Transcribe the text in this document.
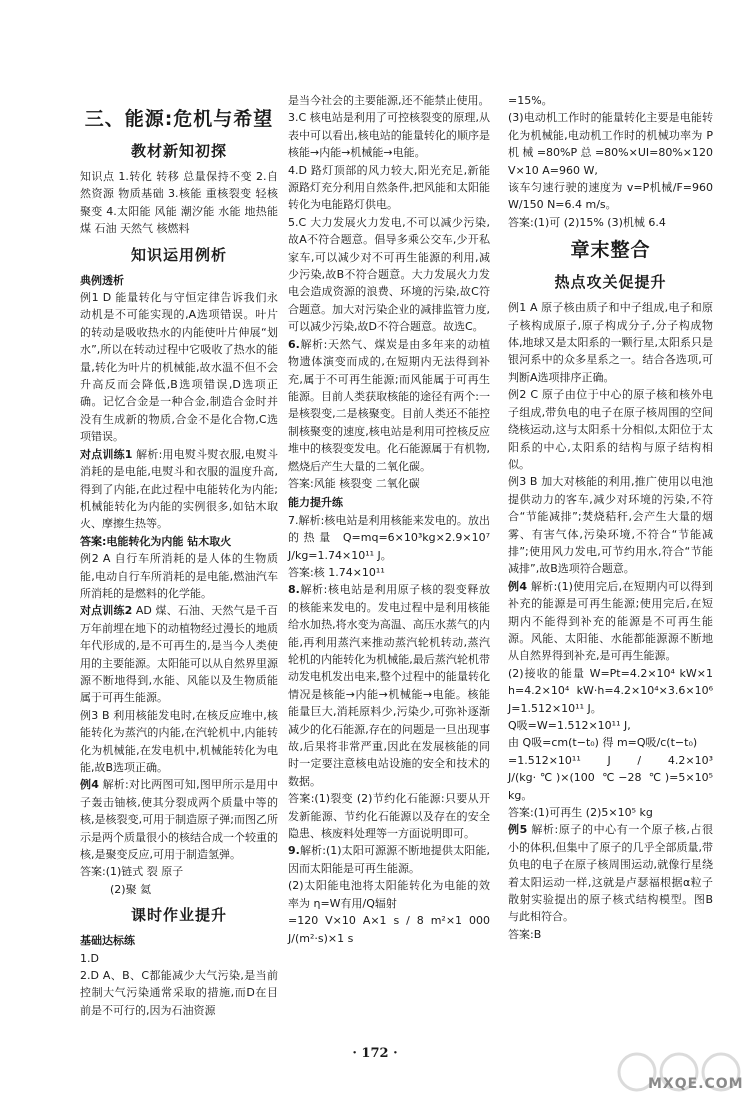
三、能源:危机与希望
教材新知初探

知识点 1.转化 转移 总量保持不变 2.自然资源 物质基础 3.核能 重核裂变 轻核聚变 4.太阳能 风能 潮汐能 水能 地热能 煤 石油 天然气 核燃料

知识运用例析
典例透析

例1 D 能量转化与守恒定律告诉我们永动机是不可能实现的,A选项错误。叶片的转动是吸收热水的内能使叶片伸展“划水”,所以在转动过程中它吸收了热水的能量,转化为叶片的机械能,故水温不但不会升高反而会降低,B选项错误,D选项正确。记忆合金是一种合金,制造合金时并没有生成新的物质,合金不是化合物,C选项错误。

对点训练1 解析:用电熨斗熨衣服,电熨斗消耗的是电能,电熨斗和衣服的温度升高,得到了内能,在此过程中电能转化为内能;机械能转化为内能的实例很多,如钻木取火、摩擦生热等。

答案:电能转化为内能 钻木取火

例2 A 自行车所消耗的是人体的生物质能,电动自行车所消耗的是电能,燃油汽车所消耗的是燃料的化学能。

对点训练2 AD 煤、石油、天然气是千百万年前埋在地下的动植物经过漫长的地质年代形成的,是不可再生的,是当今人类使用的主要能源。太阳能可以从自然界里源源不断地得到,水能、风能以及生物质能属于可再生能源。

例3 B 利用核能发电时,在核反应堆中,核能转化为蒸汽的内能,在汽轮机中,内能转化为机械能,在发电机中,机械能转化为电能,故B选项正确。

例4 解析:对比两图可知,图甲所示是用中子轰击铀核,使其分裂成两个质量中等的核,是核裂变,可用于制造原子弹;而图乙所示是两个质量很小的核结合成一个较重的核,是聚变反应,可用于制造氢弹。

答案:(1)链式 裂 原子

(2)聚 氦

课时作业提升
基础达标练

1.D

2.D A、B、C都能减少大气污染,是当前控制大气污染通常采取的措施,而D在目前是不可行的,因为石油资源

是当今社会的主要能源,还不能禁止使用。

3.C 核电站是利用了可控核裂变的原理,从表中可以看出,核电站的能量转化的顺序是核能→内能→机械能→电能。

4.D 路灯顶部的风力较大,阳光充足,新能源路灯充分利用自然条件,把风能和太阳能转化为电能路灯供电。

5.C 大力发展火力发电,不可以减少污染,故A不符合题意。倡导多乘公交车,少开私家车,可以减少对不可再生能源的利用,减少污染,故B不符合题意。大力发展火力发电会造成资源的浪费、环境的污染,故C符合题意。加大对污染企业的减排监管力度,可以减少污染,故D不符合题意。故选C。

6.解析:天然气、煤炭是由多年来的动植物遗体演变而成的,在短期内无法得到补充,属于不可再生能源;而风能属于可再生能源。目前人类获取核能的途径有两个:一是核裂变,二是核聚变。目前人类还不能控制核聚变的速度,核电站是利用可控核反应堆中的核裂变发电。化石能源属于有机物,燃烧后产生大量的二氧化碳。

答案:风能 核裂变 二氧化碳

能力提升练

7.解析:核电站是利用核能来发电的。放出的热量 Q=mq=6×10³kg×2.9×10⁷ J/kg=1.74×10¹¹ J。

答案:核 1.74×10¹¹

8.解析:核电站是利用原子核的裂变释放的核能来发电的。发电过程中是利用核能给水加热,将水变为高温、高压水蒸气的内能,再利用蒸汽来推动蒸汽轮机转动,蒸汽轮机的内能转化为机械能,最后蒸汽轮机带动发电机发出电来,整个过程中的能量转化情况是核能→内能→机械能→电能。核能能量巨大,消耗原料少,污染少,可弥补逐渐减少的化石能源,存在的问题是一旦出现事故,后果将非常严重,因此在发展核能的同时一定要注意核电站设施的安全和技术的数据。

答案:(1)裂变 (2)节约化石能源:只要从开发新能源、节约化石能源以及存在的安全隐患、核废料处理等一方面说明即可。

9.解析:(1)太阳可源源不断地提供太阳能,因而太阳能是可再生能源。

(2)太阳能电池将太阳能转化为电能的效率为 η=W有用/Q辐射

=120 V×10 A×1 s / 8 m²×1 000 J/(m²·s)×1 s

=15%。

(3)电动机工作时的能量转化主要是电能转化为机械能,电动机工作时的机械功率为 P机械=80%P总=80%×UI=80%×120 V×10 A=960 W,

该车匀速行驶的速度为 v=P机械/F=960 W/150 N=6.4 m/s。

答案:(1)可 (2)15% (3)机械 6.4

章末整合
热点攻关促提升

例1 A 原子核由质子和中子组成,电子和原子核构成原子,原子构成分子,分子构成物体,地球又是太阳系的一颗行星,太阳系只是银河系中的众多星系之一。结合各选项,可判断A选项排序正确。

例2 C 原子由位于中心的原子核和核外电子组成,带负电的电子在原子核周围的空间绕核运动,这与太阳系十分相似,太阳位于太阳系的中心,太阳系的结构与原子结构相似。

例3 B 加大对核能的利用,推广使用以电池提供动力的客车,减少对环境的污染,不符合“节能减排”;焚烧秸秆,会产生大量的烟雾、有害气体,污染环境,不符合“节能减排”;使用风力发电,可节约用水,符合“节能减排”,故B选项符合题意。

例4 解析:(1)使用完后,在短期内可以得到补充的能源是可再生能源;使用完后,在短期内不能得到补充的能源是不可再生能源。风能、太阳能、水能都能源源不断地从自然界得到补充,是可再生能源。

(2)接收的能量 W=Pt=4.2×10⁴ kW×1 h=4.2×10⁴ kW·h=4.2×10⁴×3.6×10⁶ J=1.512×10¹¹ J。

Q吸=W=1.512×10¹¹ J,

由 Q吸=cm(t−t₀) 得 m=Q吸/c(t−t₀)

=1.512×10¹¹ J / 4.2×10³ J/(kg·℃)×(100 ℃−28 ℃)=5×10⁵ kg。

答案:(1)可再生 (2)5×10⁵ kg

例5 解析:原子的中心有一个原子核,占很小的体积,但集中了原子的几乎全部质量,带负电的电子在原子核周围运动,就像行星绕着太阳运动一样,这就是卢瑟福根据α粒子散射实验提出的原子核式结构模型。图B与此相符合。

答案:B

· 172 ·
MXQE.COM
